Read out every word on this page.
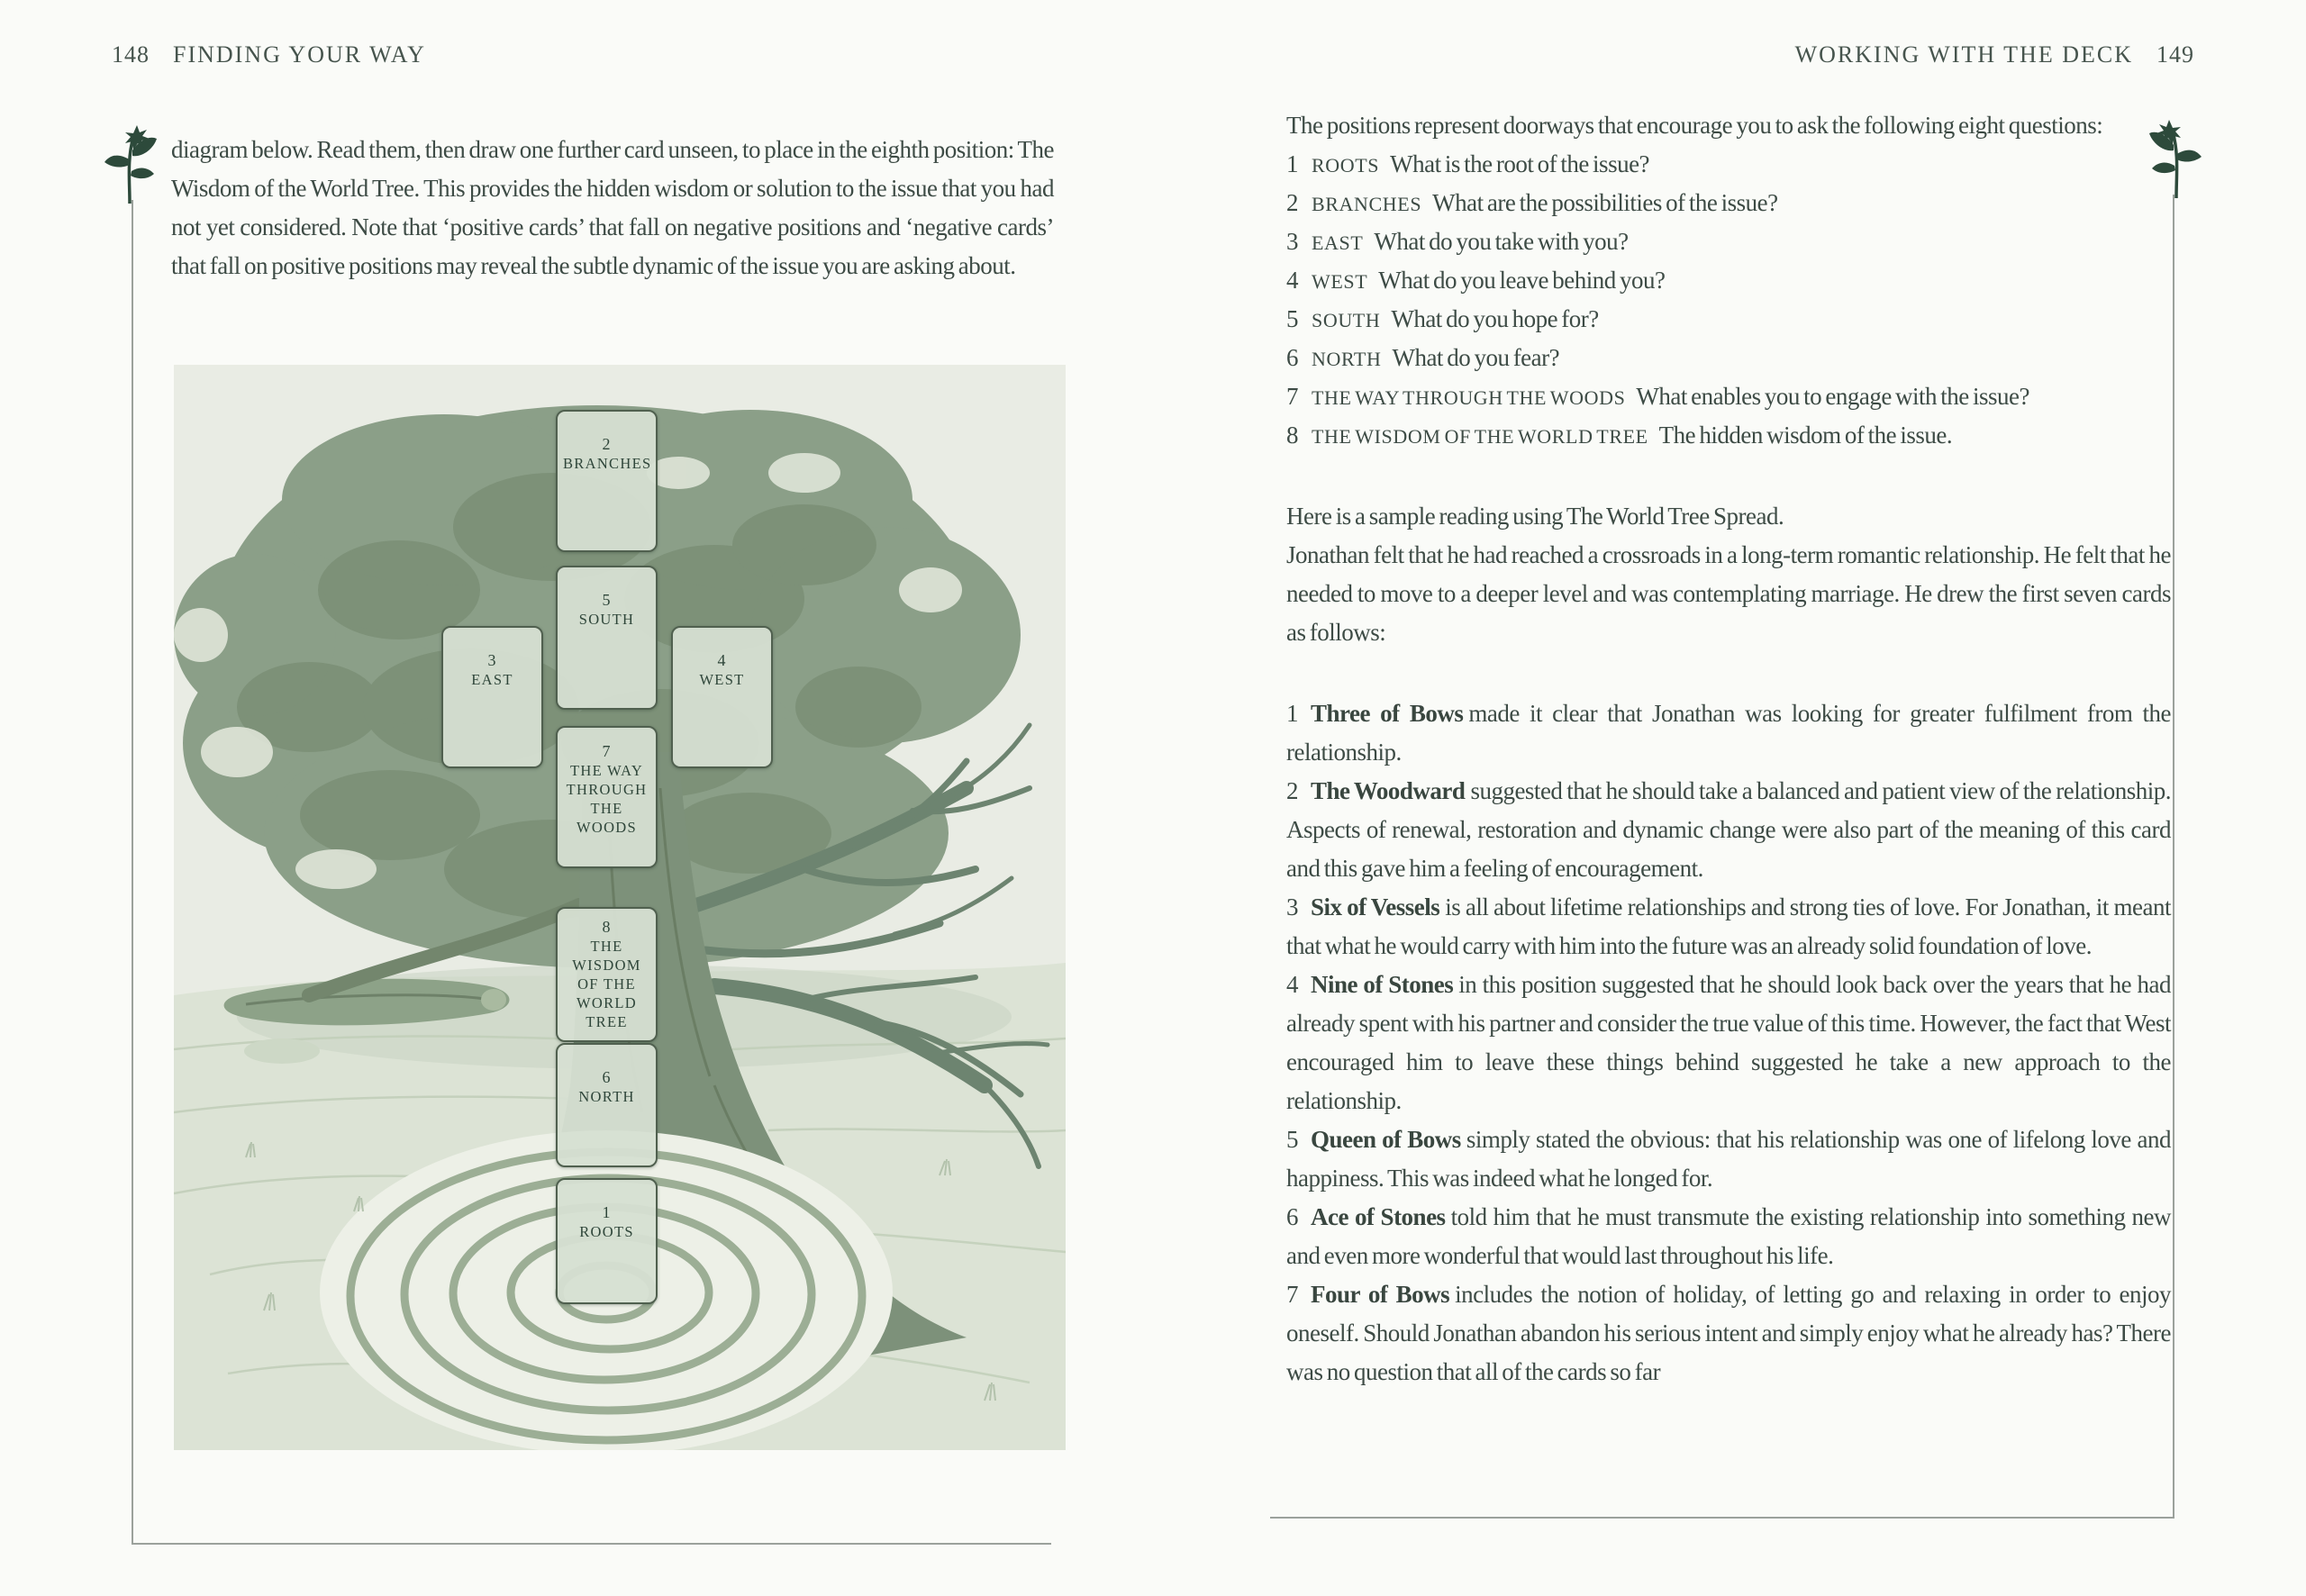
148 FINDING YOUR WAY

diagram below. Read them, then draw one further card unseen, to place in the eighth position: The Wisdom of the World Tree. This provides the hidden wisdom or solution to the issue that you had not yet considered. Note that ‘positive cards’ that fall on negative positions and ‘negative cards’ that fall on positive positions may reveal the subtle dynamic of the issue you are asking about.

2
BRANCHES
5
SOUTH
3
EAST
4
WEST
7
THE WAY THROUGH THE WOODS
8
THE WISDOM OF THE WORLD TREE
6
NORTH
1
ROOTS
WORKING WITH THE DECK 149

The positions represent doorways that encourage you to ask the following eight questions:

1 ROOTS What is the root of the issue?
2 BRANCHES What are the possibilities of the issue?
3 EAST What do you take with you?
4 WEST What do you leave behind you?
5 SOUTH What do you hope for?
6 NORTH What do you fear?
7 THE WAY THROUGH THE WOODS What enables you to engage with the issue?
8 THE WISDOM OF THE WORLD TREE The hidden wisdom of the issue.

Here is a sample reading using The World Tree Spread.

Jonathan felt that he had reached a crossroads in a long-term romantic relationship. He felt that he needed to move to a deeper level and was contemplating marriage. He drew the first seven cards as follows:

1 Three of Bows made it clear that Jonathan was looking for greater fulfilment from the relationship.

2 The Woodward suggested that he should take a balanced and patient view of the relationship. Aspects of renewal, restoration and dynamic change were also part of the meaning of this card and this gave him a feeling of encouragement.

3 Six of Vessels is all about lifetime relationships and strong ties of love. For Jonathan, it meant that what he would carry with him into the future was an already solid foundation of love.

4 Nine of Stones in this position suggested that he should look back over the years that he had already spent with his partner and consider the true value of this time. However, the fact that West encouraged him to leave these things behind suggested he take a new approach to the relationship.

5 Queen of Bows simply stated the obvious: that his relationship was one of lifelong love and happiness. This was indeed what he longed for.

6 Ace of Stones told him that he must transmute the existing relationship into something new and even more wonderful that would last throughout his life.

7 Four of Bows includes the notion of holiday, of letting go and relaxing in order to enjoy oneself. Should Jonathan abandon his serious intent and simply enjoy what he already has? There was no question that all of the cards so far
